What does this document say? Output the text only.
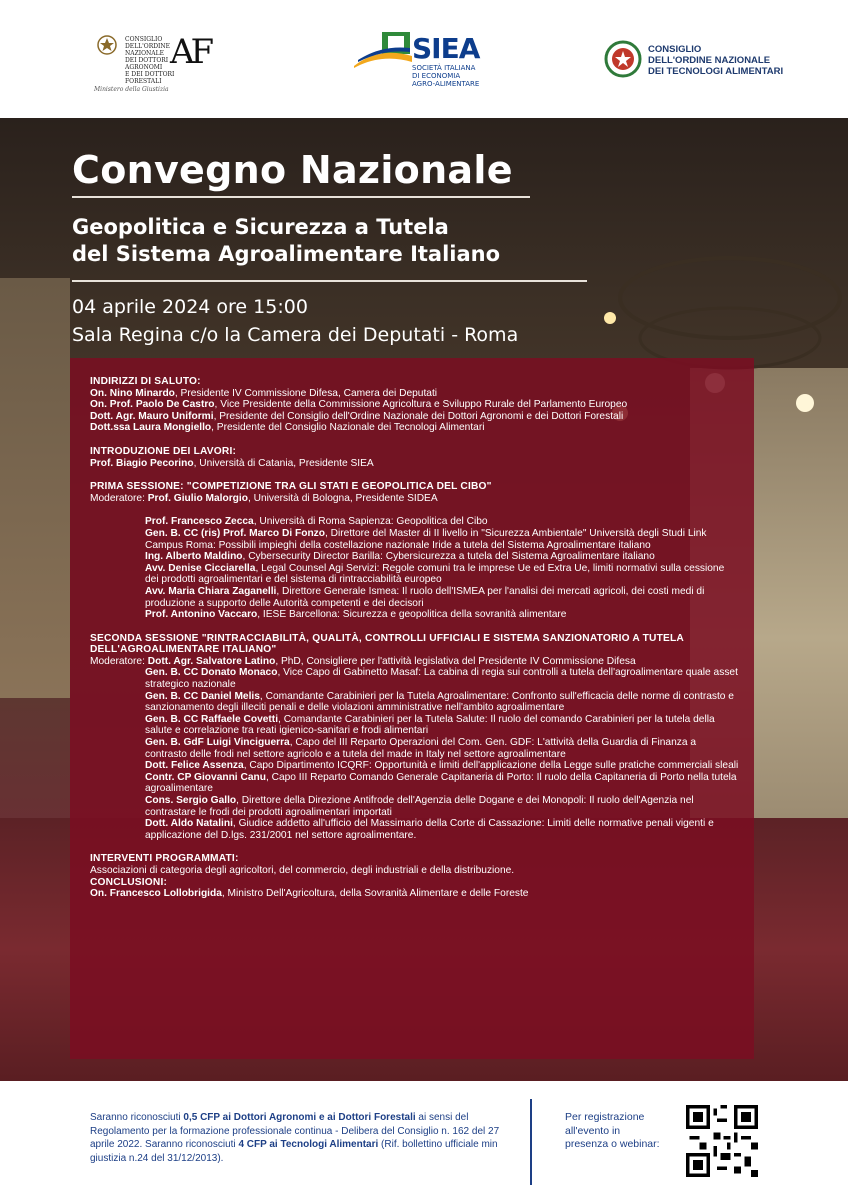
CONSIGLIO
DELL'ORDINE NAZIONALE
DEI DOTTORI AGRONOMI
E DEI DOTTORI FORESTALI
AF
Ministero della Giustizia
SIEA
SOCIETÀ ITALIANA
DI ECONOMIA
AGRO-ALIMENTARE
CONSIGLIO
DELL'ORDINE NAZIONALE
DEI TECNOLOGI ALIMENTARI
Convegno Nazionale
Geopolitica e Sicurezza a Tutela
del Sistema Agroalimentare Italiano
04 aprile 2024 ore 15:00
Sala Regina c/o la Camera dei Deputati - Roma

INDIRIZZI DI SALUTO:

On. Nino Minardo, Presidente IV Commissione Difesa, Camera dei Deputati

On. Prof. Paolo De Castro, Vice Presidente della Commissione Agricoltura e Sviluppo Rurale del Parlamento Europeo

Dott. Agr. Mauro Uniformi, Presidente del Consiglio dell'Ordine Nazionale dei Dottori Agronomi e dei Dottori Forestali

Dott.ssa Laura Mongiello, Presidente del Consiglio Nazionale dei Tecnologi Alimentari

INTRODUZIONE DEI LAVORI:

Prof. Biagio Pecorino, Università di Catania, Presidente SIEA

PRIMA SESSIONE: "COMPETIZIONE TRA GLI STATI E GEOPOLITICA DEL CIBO"

Moderatore: Prof. Giulio Malorgio, Università di Bologna, Presidente SIDEA

Prof. Francesco Zecca, Università di Roma Sapienza: Geopolitica del Cibo

Gen. B. CC (ris) Prof. Marco Di Fonzo, Direttore del Master di II livello in "Sicurezza Ambientale" Università degli Studi Link Campus Roma: Possibili impieghi della costellazione nazionale Iride a tutela del Sistema Agroalimentare italiano

Ing. Alberto Maldino, Cybersecurity Director Barilla: Cybersicurezza a tutela del Sistema Agroalimentare italiano

Avv. Denise Cicciarella, Legal Counsel Agi Servizi: Regole comuni tra le imprese Ue ed Extra Ue, limiti normativi sulla cessione dei prodotti agroalimentari e del sistema di rintracciabilità europeo

Avv. Maria Chiara Zaganelli, Direttore Generale Ismea: Il ruolo dell'ISMEA per l'analisi dei mercati agricoli, dei costi medi di produzione a supporto delle Autorità competenti e dei decisori

Prof. Antonino Vaccaro, IESE Barcellona: Sicurezza e geopolitica della sovranità alimentare

SECONDA SESSIONE "RINTRACCIABILITÀ, QUALITÀ, CONTROLLI UFFICIALI E SISTEMA SANZIONATORIO A TUTELA DELL'AGROALIMENTARE ITALIANO"

Moderatore: Dott. Agr. Salvatore Latino, PhD, Consigliere per l'attività legislativa del Presidente IV Commissione Difesa

Gen. B. CC Donato Monaco, Vice Capo di Gabinetto Masaf: La cabina di regia sui controlli a tutela dell'agroalimentare quale asset strategico nazionale

Gen. B. CC Daniel Melis, Comandante Carabinieri per la Tutela Agroalimentare: Confronto sull'efficacia delle norme di contrasto e sanzionamento degli illeciti penali e delle violazioni amministrative nell'ambito agroalimentare

Gen. B. CC Raffaele Covetti, Comandante Carabinieri per la Tutela Salute: Il ruolo del comando Carabinieri per la tutela della salute e correlazione tra reati igienico-sanitari e frodi alimentari

Gen. B. GdF Luigi Vinciguerra, Capo del III Reparto Operazioni del Com. Gen. GDF: L'attività della Guardia di Finanza a contrasto delle frodi nel settore agricolo e a tutela del made in Italy nel settore agroalimentare

Dott. Felice Assenza, Capo Dipartimento ICQRF: Opportunità e limiti dell'applicazione della Legge sulle pratiche commerciali sleali

Contr. CP Giovanni Canu, Capo III Reparto Comando Generale Capitaneria di Porto: Il ruolo della Capitaneria di Porto nella tutela agroalimentare

Cons. Sergio Gallo, Direttore della Direzione Antifrode dell'Agenzia delle Dogane e dei Monopoli: Il ruolo dell'Agenzia nel contrastare le frodi dei prodotti agroalimentari importati

Dott. Aldo Natalini, Giudice addetto all'ufficio del Massimario della Corte di Cassazione: Limiti delle normative penali vigenti e applicazione del D.lgs. 231/2001 nel settore agroalimentare.

INTERVENTI PROGRAMMATI:

Associazioni di categoria degli agricoltori, del commercio, degli industriali e della distribuzione.

CONCLUSIONI:

On. Francesco Lollobrigida, Ministro Dell'Agricoltura, della Sovranità Alimentare e delle Foreste

Saranno riconosciuti 0,5 CFP ai Dottori Agronomi e ai Dottori Forestali ai sensi del Regolamento per la formazione professionale continua - Delibera del Consiglio n. 162 del 27 aprile 2022. Saranno riconosciuti 4 CFP ai Tecnologi Alimentari (Rif. bollettino ufficiale min giustizia n.24 del 31/12/2013).
Per registrazione all'evento in presenza o webinar:
